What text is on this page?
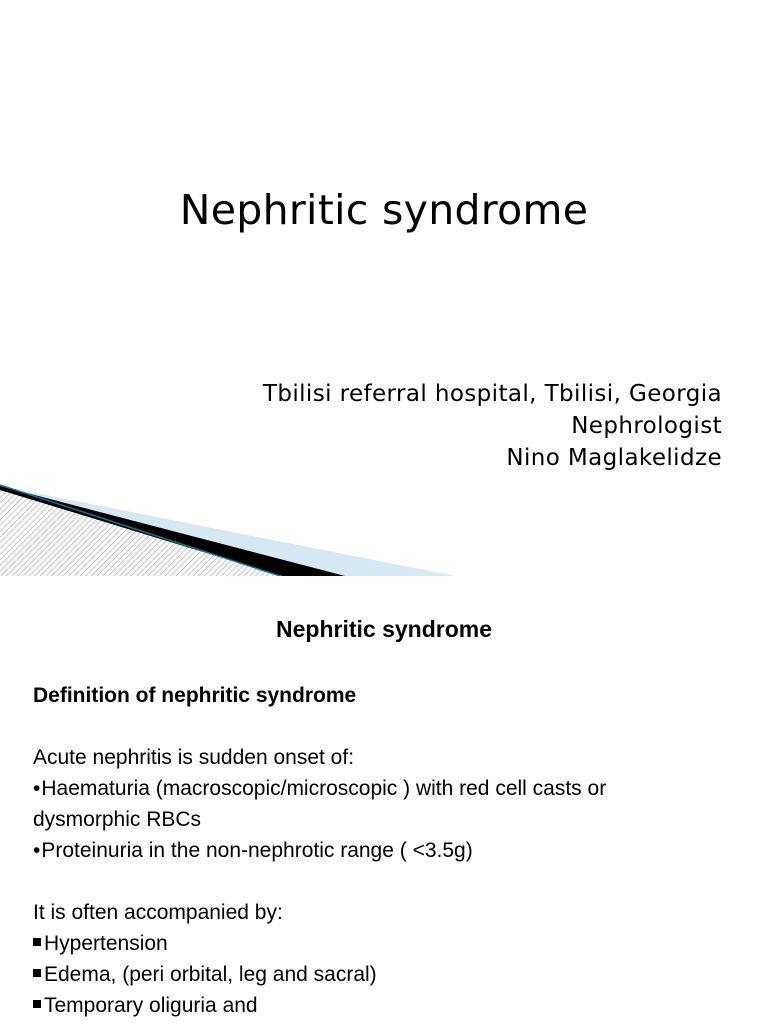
Nephritic syndrome
Tbilisi referral hospital, Tbilisi, Georgia
Nephrologist
Nino Maglakelidze
Nephritic syndrome
Definition of nephritic syndrome
Acute nephritis is sudden onset of:
• Haematuria (macroscopic/microscopic ) with red cell casts or
dysmorphic RBCs
• Proteinuria in the non-nephrotic range ( <3.5g)
It is often accompanied by:
Hypertension
Edema, (peri orbital, leg and sacral)
Temporary oliguria and
